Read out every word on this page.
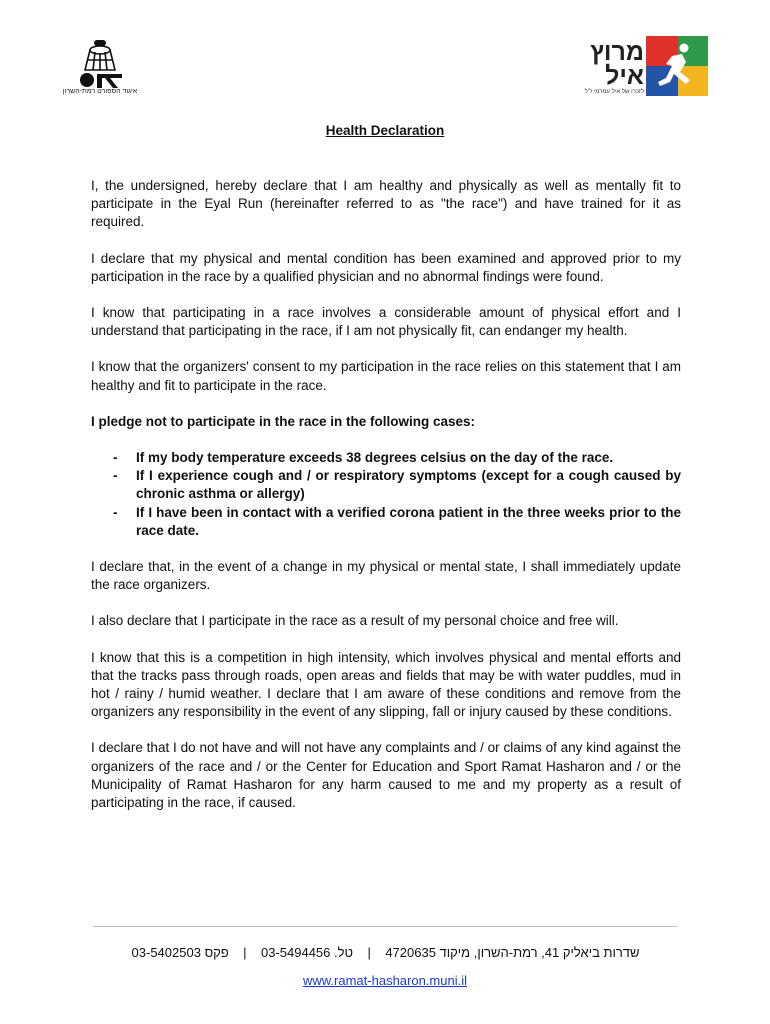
איגוד הספורט רמת-השרון
מרוץ איל
לזכרו של איל עמרמי ז"ל
Health Declaration

I, the undersigned, hereby declare that I am healthy and physically as well as mentally fit to participate in the Eyal Run (hereinafter referred to as "the race") and have trained for it as required.

I declare that my physical and mental condition has been examined and approved prior to my participation in the race by a qualified physician and no abnormal findings were found.

I know that participating in a race involves a considerable amount of physical effort and I understand that participating in the race, if I am not physically fit, can endanger my health.

I know that the organizers' consent to my participation in the race relies on this statement that I am healthy and fit to participate in the race.

I pledge not to participate in the race in the following cases:

- If my body temperature exceeds 38 degrees celsius on the day of the race.
- If I experience cough and / or respiratory symptoms (except for a cough caused by chronic asthma or allergy)
- If I have been in contact with a verified corona patient in the three weeks prior to the race date.

I declare that, in the event of a change in my physical or mental state, I shall immediately update the race organizers.

I also declare that I participate in the race as a result of my personal choice and free will.

I know that this is a competition in high intensity, which involves physical and mental efforts and that the tracks pass through roads, open areas and fields that may be with water puddles, mud in hot / rainy / humid weather. I declare that I am aware of these conditions and remove from the organizers any responsibility in the event of any slipping, fall or injury caused by these conditions.

I declare that I do not have and will not have any complaints and / or claims of any kind against the organizers of the race and / or the Center for Education and Sport Ramat Hasharon and / or the Municipality of Ramat Hasharon for any harm caused to me and my property as a result of participating in the race, if caused.

שדרות ביאליק 41, רמת-השרון, מיקוד 4720635    |    טל. 03-5494456    |    פקס 03-5402503
www.ramat-hasharon.muni.il
